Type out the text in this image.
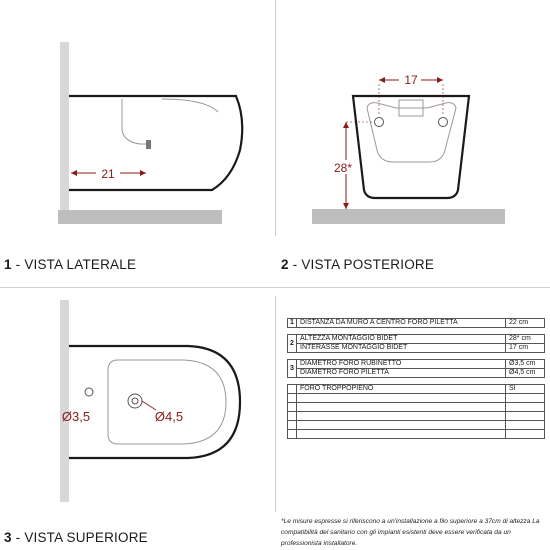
21
1 - VISTA LATERALE
17
28*
2 - VISTA POSTERIORE
Ø3,5	Ø4,5
3 - VISTA SUPERIORE
1	DISTANZA DA MURO A CENTRO FORO PILETTA	22 cm

2	ALTEZZA MONTAGGIO BIDET	28* cm
	INTERASSE MONTAGGIO BIDET	17 cm

3	DIAMETRO FORO RUBINETTO	Ø3,5 cm
	DIAMETRO FORO PILETTA	Ø4,5 cm

	FORO TROPPOPIENO	SI

*Le misure espresse si riferiscono a un'installazione a filo superiore a 37cm di altezza La compatibilità del sanitario con gli impianti esistenti deve essere verificata da un professionista installatore.
